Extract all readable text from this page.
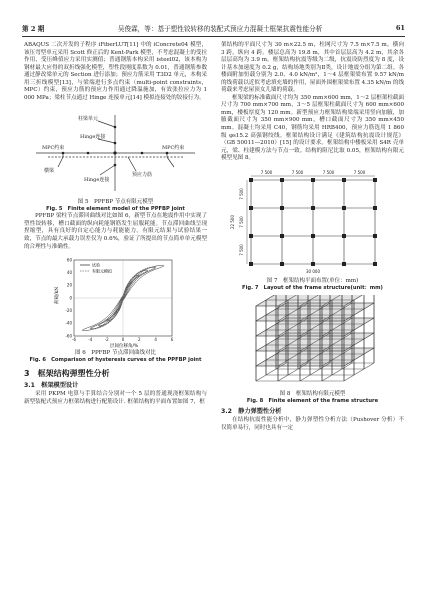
第 2 期	吴俊霖，等：基于塑性铰转移的装配式预应力混凝土框架抗震性能分析	61

ABAQUS 二次开发的子程序 iFiberLUT[11] 中的 iConcrete04 模型，该压弯型单元采用 Scott 修正后的 Kent-Park 模型，不考虑混凝土的受拉作用，受压峰值应力采用实测值；普通钢筋本构采用 isteel02，该本构为钢材最大应得的双折线强化模型，塑性段刚度系数为 0.01，普通钢筋参数通过静改梁单元的 Section 进行添加；预应力筋采用 T3D2 单元，本构采用三折线模型[13]，与梁端进行多点约束（multi-point constraints，MPC）约束，预应力筋的预应力作用通过降温施加，有效张拉应力为 1 000 MPa；梁柱节点通过 Hinge 连接单元[14] 模拟连接处的铰接行为。

柱梁单元
Hinge连接
MPC约束	MPC约束
预应力筋
横梁
Hinge连接

图 5　PPFBP 节点有限元模型

Fig. 5　Finite element model of the PPFBP joint

PPFBP 梁柱节点滞回曲线对比如图 6，新型节点在地震作用中实现了塑性铰转移，槽口截面的纵向耗能钢筋发生屈服耗能。节点滞回曲线呈现捏缩型，具有良好的自定心能力与耗能能力。有限元结果与试验结果一致，节点的最大承载力误差仅为 0.6%，验证了所提出的节点简单单元模型的合理性与准确性。

60
40
20
0
-20
-40
-60
-6	-4	-2	0	2	4	6
荷载/kN
层间位移角/%
试验
有限元模拟

图 6　PPFBP 节点滞回曲线对比

Fig. 6　Comparison of hysteresis curves of the PPFBP joint

3　框架结构弹塑性分析
3.1　框架模型设计

采用 PKPM 电算与手算结合分别对一个 5 层的普通现浇框架结构与新型装配式预应力框架结构进行配筋设计. 框架结构的平面布置如图 7，框

架结构的平面尺寸为 30 m×22.5 m，柱网尺寸为 7.5 m×7.5 m，横向 3 跨，纵向 4 跨。楼层总高为 19.8 m，其中首层层高为 4.2 m，其余各层层高均为 3.9 m。框架结构抗震等级为二级，抗震设防烈度为 8 度，设计基本加速度为 0.2 g，结构场地类别为Ⅱ类，设计地震分组为第二组。各楼面附加恒载分别为 2.0、4.0 kN/m²，1～4 层框架梁布置 9.57 kN/m 的线荷载以近似考虑填充墙的作用，屋面外围框架梁布置 4.35 kN/m 的线荷载来考虑屋顶女儿墙的荷载。

框架梁的标准截面尺寸均为 350 mm×600 mm，1～2 层框架柱截面尺寸为 700 mm×700 mm，3～5 层框架柱截面尺寸为 600 mm×600 mm，楼板厚度为 120 mm。新型预应力框架结构梁端采用竖向加腋，加腋截面尺寸为 350 mm×900 mm，槽口截面尺寸为 350 mm×450 mm。混凝土均采用 C40，钢筋均采用 HRB400，预应力筋选用 1 860 级 φs15.2 高强钢绞线。框架结构设计满足《建筑结构抗震设计规范》（GB 50011—2010）[15] 的设计要求。框架结构中楼板采用 S4R 壳单元，梁、柱建模方法与节点一致。结构的阻尼比取 0.05，框架结构有限元模型见图 8。

7 500	7 500	7 500	7 500
30 000
7 500
7 500
7 500
22 500

图 7　框架结构平面布置(单位：mm)

Fig. 7　Layout of the frame structure(unit：mm)

图 8　框架结构有限元模型

Fig. 8　Finite element of the frame structure

3.2　静力弹塑性分析

在结构抗震性能分析中，静力弹塑性分析方法（Pushover 分析）不仅简单易行，同时也具有一定
